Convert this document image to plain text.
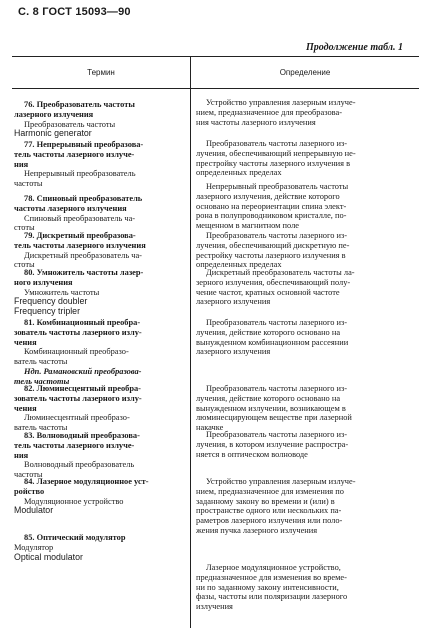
С. 8 ГОСТ 15093—90
Продолжение табл. 1
Термин	Определение
76. Преобразователь частоты
лазерного излучения
Преобразователь частоты
Harmonic generator
77. Непрерывный преобразова-
тель частоты лазерного излуче-
ния
Непрерывный преобразователь
частоты
78. Спиновый преобразователь
частоты лазерного излучения
Спиновый преобразователь ча-
стоты
79. Дискретный преобразова-
тель частоты лазерного излучения
Дискретный преобразователь ча-
стоты
80. Умножитель частоты лазер-
ного излучения
Умножитель частоты
Frequency doubler
Frequency tripler
81. Комбинационный преобра-
зователь частоты лазерного излу-
чения
Комбинационный преобразо-
ватель частоты
Ндп. Рамановский преобразова-
тель частоты
82. Люминесцентный преобра-
зователь частоты лазерного излу-
чения
Люминесцентный преобразо-
ватель частоты
83. Волноводный преобразова-
тель частоты лазерного излуче-
ния
Волноводный преобразователь
частоты
84. Лазерное модуляционное уст-
ройство
Модуляционное устройство
Modulator
85. Оптический модулятор
Модулятор
Optical modulator
Устройство управления лазерным излуче-
нием, предназначенное для преобразова-
ния частоты лазерного излучения
Преобразователь частоты лазерного из-
лучения, обеспечивающий непрерывную не-
престройку частоты лазерного излучения в
определенных пределах
Непрерывный преобразователь частоты
лазерного излучения, действие которого
основано на переориентации спина элект-
рона в полупроводниковом кристалле, по-
мещенном в магнитном поле
Преобразователь частоты лазерного из-
лучения, обеспечивающий дискретную пе-
рестройку частоты лазерного излучения в
определенных пределах
Дискретный преобразователь частоты ла-
зерного излучения, обеспечивающий полу-
чение частот, кратных основной частоте
лазерного излучения
Преобразователь частоты лазерного из-
лучения, действие которого основано на
вынужденном комбинационном рассеянии
лазерного излучения
Преобразователь частоты лазерного из-
лучения, действие которого основано на
вынужденном излучении, возникающем в
люминесцирующем веществе при лазерной
накачке
Преобразователь частоты лазерного из-
лучения, в котором излучение распростра-
няется в оптическом волноводе
Устройство управления лазерным излуче-
нием, предназначенное для изменения по
заданному закону во времени и (или) в
пространстве одного или нескольких па-
раметров лазерного излучения или поло-
жения пучка лазерного излучения
Лазерное модуляционное устройство,
предназначенное для изменения во време-
ни по заданному закону интенсивности,
фазы, частоты или поляризации лазерного
излучения
